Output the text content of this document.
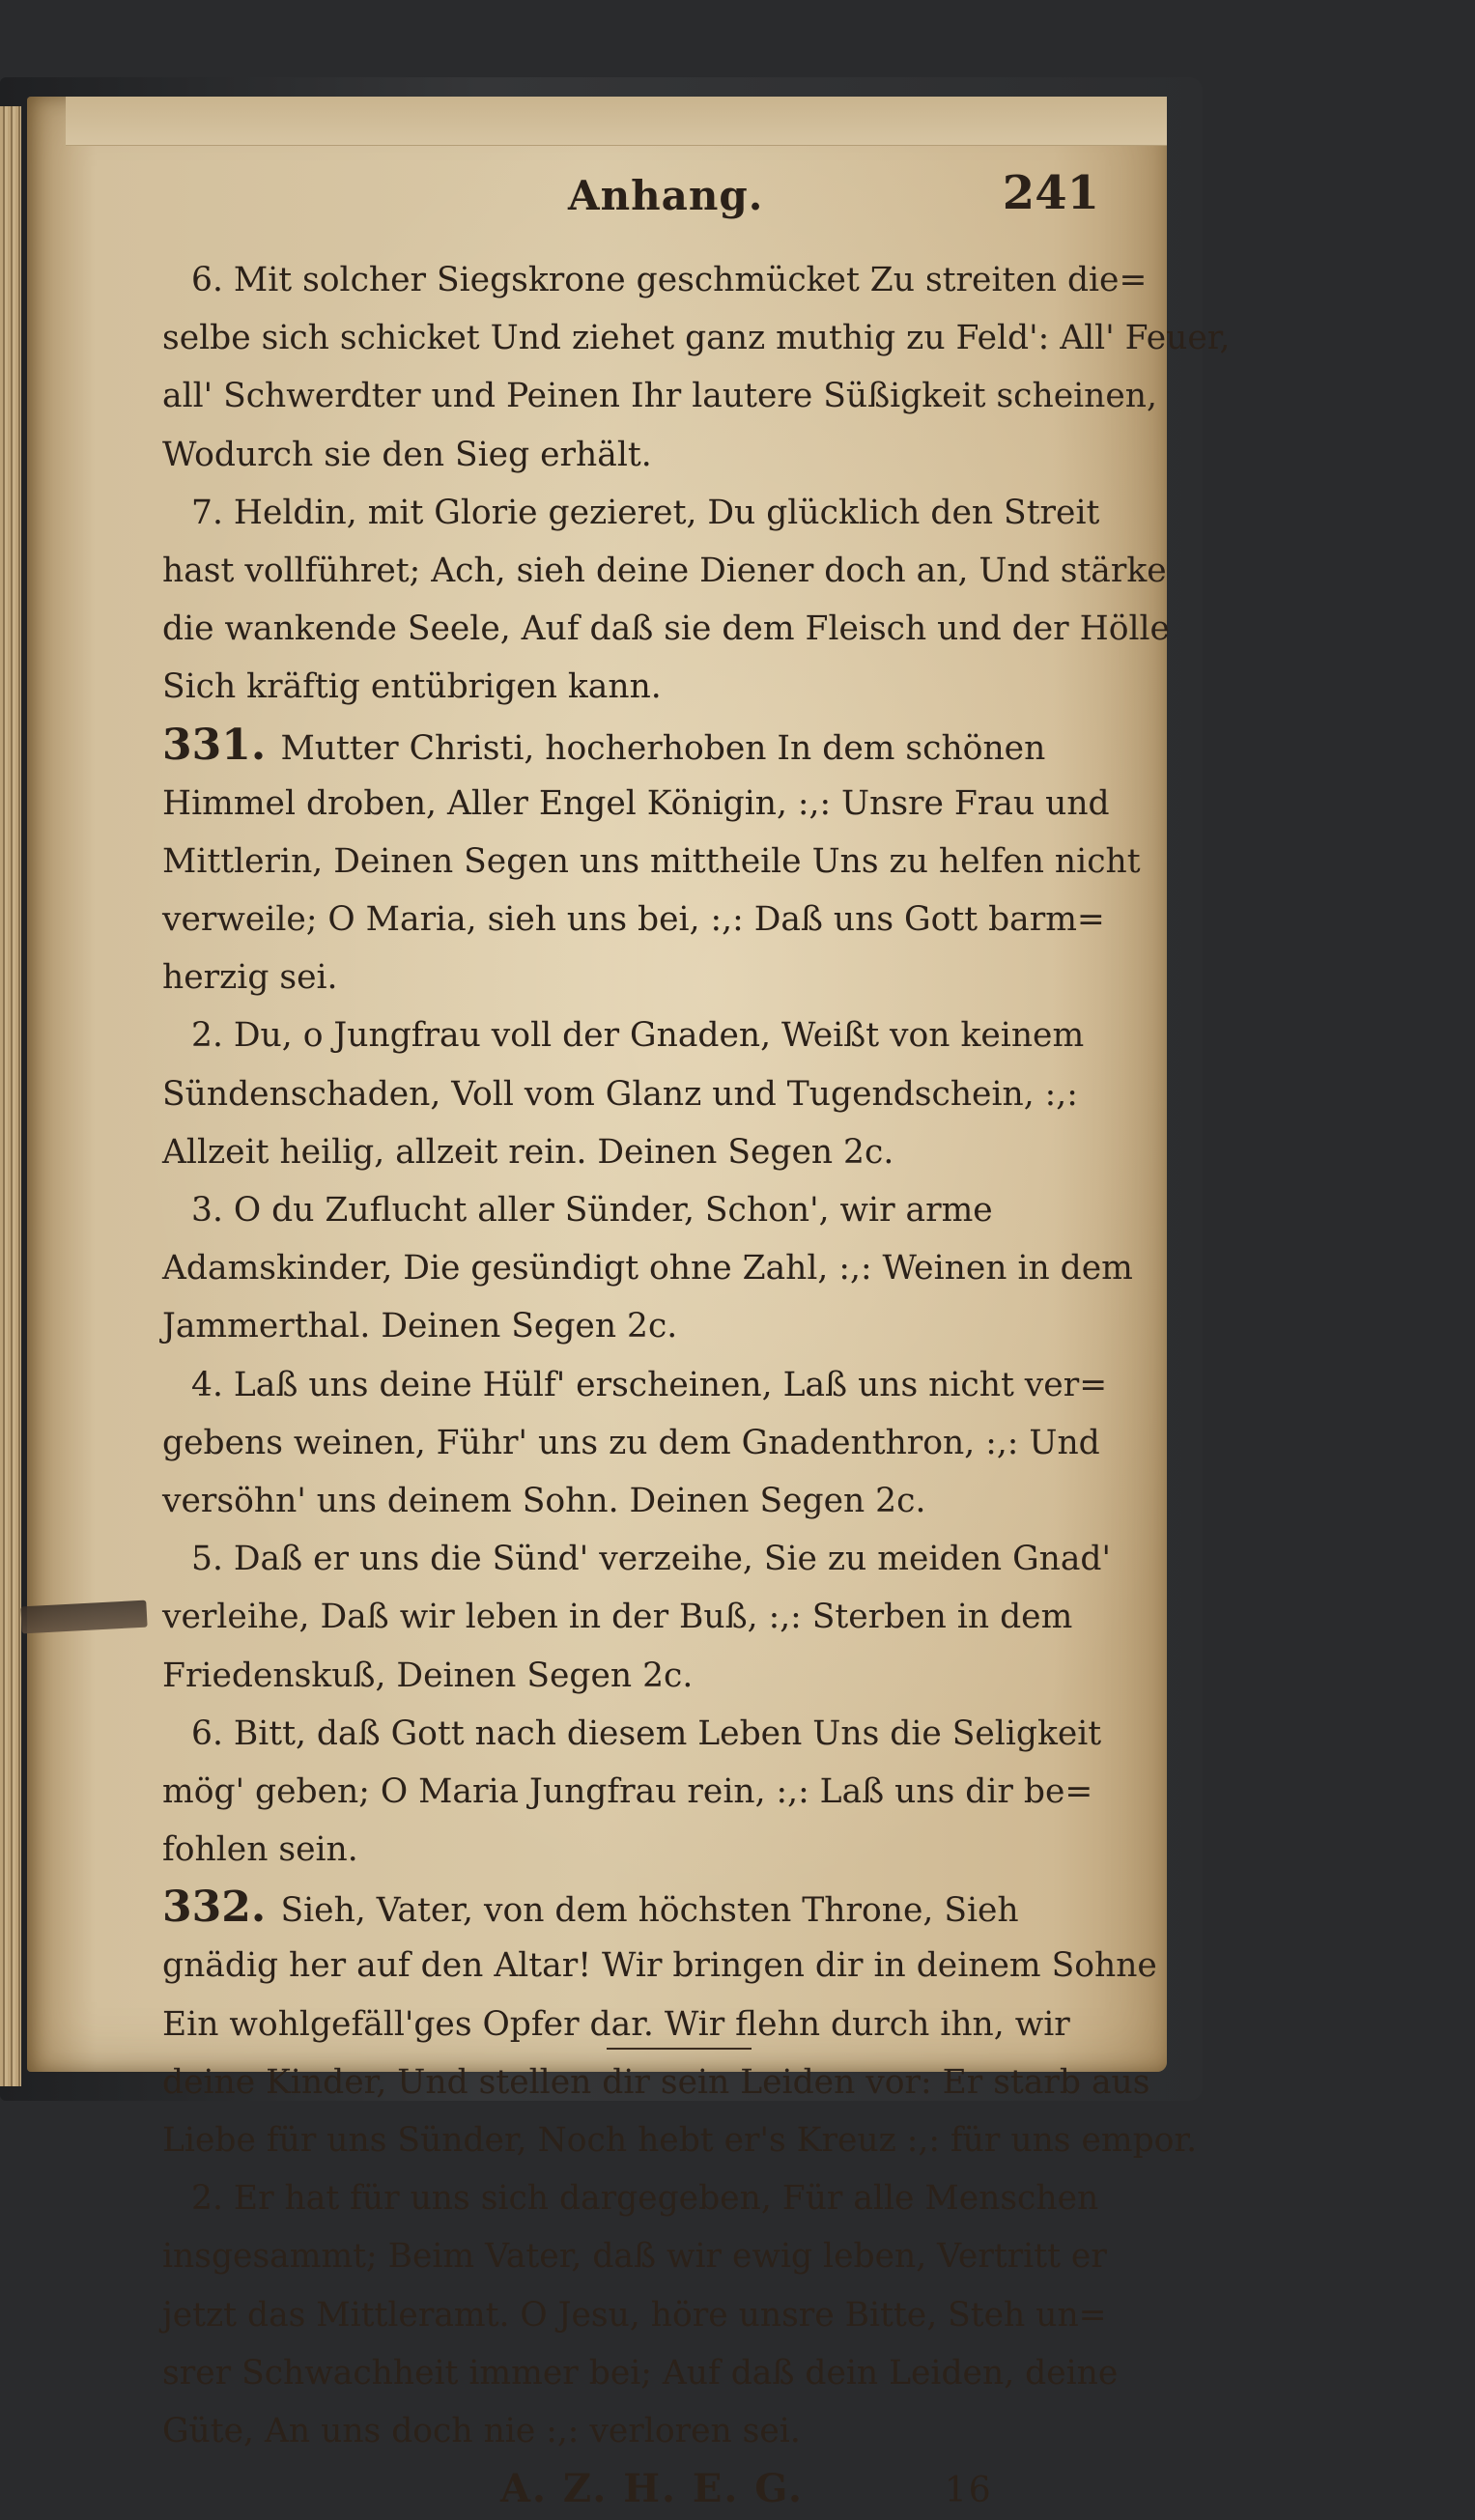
Anhang.	241
6. Mit solcher Siegskrone geschmücket Zu streiten die=
selbe sich schicket Und ziehet ganz muthig zu Feld': All' Feuer,
all' Schwerdter und Peinen Ihr lautere Süßigkeit scheinen,
Wodurch sie den Sieg erhält.
7. Heldin, mit Glorie gezieret, Du glücklich den Streit
hast vollführet; Ach, sieh deine Diener doch an, Und stärke
die wankende Seele, Auf daß sie dem Fleisch und der Hölle
Sich kräftig entübrigen kann.
331. Mutter Christi, hocherhoben In dem schönen
Himmel droben, Aller Engel Königin, :,: Unsre Frau und
Mittlerin, Deinen Segen uns mittheile Uns zu helfen nicht
verweile; O Maria, sieh uns bei, :,: Daß uns Gott barm=
herzig sei.
2. Du, o Jungfrau voll der Gnaden, Weißt von keinem
Sündenschaden, Voll vom Glanz und Tugendschein, :,:
Allzeit heilig, allzeit rein. Deinen Segen 2c.
3. O du Zuflucht aller Sünder, Schon', wir arme
Adamskinder, Die gesündigt ohne Zahl, :,: Weinen in dem
Jammerthal. Deinen Segen 2c.
4. Laß uns deine Hülf' erscheinen, Laß uns nicht ver=
gebens weinen, Führ' uns zu dem Gnadenthron, :,: Und
versöhn' uns deinem Sohn. Deinen Segen 2c.
5. Daß er uns die Sünd' verzeihe, Sie zu meiden Gnad'
verleihe, Daß wir leben in der Buß, :,: Sterben in dem
Friedenskuß, Deinen Segen 2c.
6. Bitt, daß Gott nach diesem Leben Uns die Seligkeit
mög' geben; O Maria Jungfrau rein, :,: Laß uns dir be=
fohlen sein.
332. Sieh, Vater, von dem höchsten Throne, Sieh
gnädig her auf den Altar! Wir bringen dir in deinem Sohne
Ein wohlgefäll'ges Opfer dar. Wir flehn durch ihn, wir
deine Kinder, Und stellen dir sein Leiden vor: Er starb aus
Liebe für uns Sünder, Noch hebt er's Kreuz :,: für uns empor.
2. Er hat für uns sich dargegeben, Für alle Menschen
insgesammt; Beim Vater, daß wir ewig leben, Vertritt er
jetzt das Mittleramt. O Jesu, höre unsre Bitte, Steh un=
srer Schwachheit immer bei; Auf daß dein Leiden, deine
Güte, An uns doch nie :,: verloren sei.
A. Z. H. E. G.	16
